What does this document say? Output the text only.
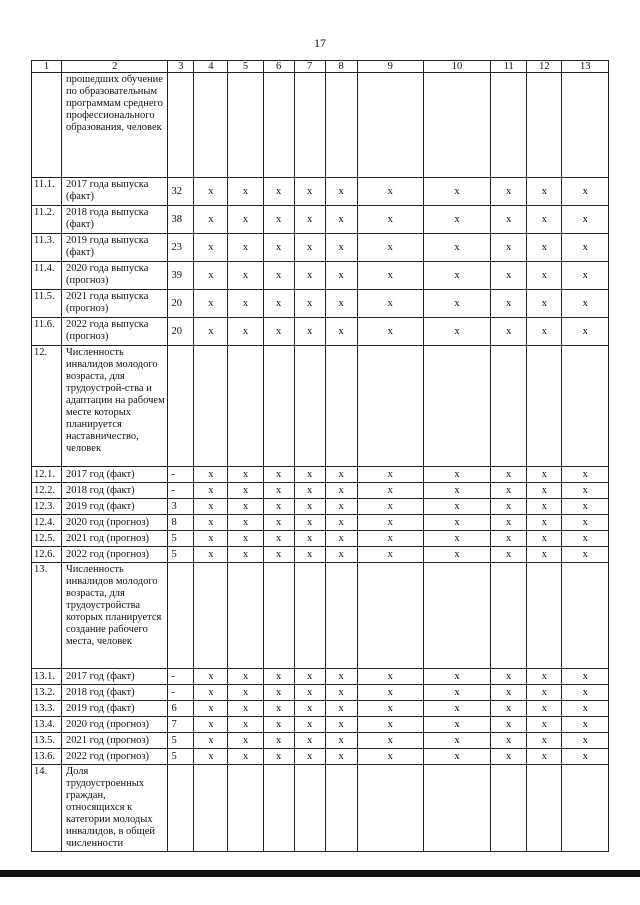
17
1	2	3	4	5	6	7	8	9	10	11	12	13
	прошедших обучение по образовательным программам среднего профессионального образования, человек											
11.1.	2017 года выпуска (факт)	32	х	х	х	х	х	х	х	х	х	х
11.2.	2018 года выпуска (факт)	38	х	х	х	х	х	х	х	х	х	х
11.3.	2019 года выпуска (факт)	23	х	х	х	х	х	х	х	х	х	х
11.4.	2020 года выпуска (прогноз)	39	х	х	х	х	х	х	х	х	х	х
11.5.	2021 года выпуска (прогноз)	20	х	х	х	х	х	х	х	х	х	х
11.6.	2022 года выпуска (прогноз)	20	х	х	х	х	х	х	х	х	х	х
12.	Численность инвалидов молодого возраста, для трудоустрой-ства и адаптации на рабочем месте которых планируется наставничество, человек											
12.1.	2017 год (факт)	-	х	х	х	х	х	х	х	х	х	х
12.2.	2018 год (факт)	-	х	х	х	х	х	х	х	х	х	х
12.3.	2019 год (факт)	3	х	х	х	х	х	х	х	х	х	х
12.4.	2020 год (прогноз)	8	х	х	х	х	х	х	х	х	х	х
12.5.	2021 год (прогноз)	5	х	х	х	х	х	х	х	х	х	х
12.6.	2022 год (прогноз)	5	х	х	х	х	х	х	х	х	х	х
13.	Численность инвалидов молодого возраста, для трудоустройства которых планируется создание рабочего места, человек											
13.1.	2017 год (факт)	-	х	х	х	х	х	х	х	х	х	х
13.2.	2018 год (факт)	-	х	х	х	х	х	х	х	х	х	х
13.3.	2019 год (факт)	6	х	х	х	х	х	х	х	х	х	х
13.4.	2020 год (прогноз)	7	х	х	х	х	х	х	х	х	х	х
13.5.	2021 год (прогноз)	5	х	х	х	х	х	х	х	х	х	х
13.6.	2022 год (прогноз)	5	х	х	х	х	х	х	х	х	х	х
14.	Доля трудоустроенных граждан, относящихся к категории молодых инвалидов, в общей численности											
